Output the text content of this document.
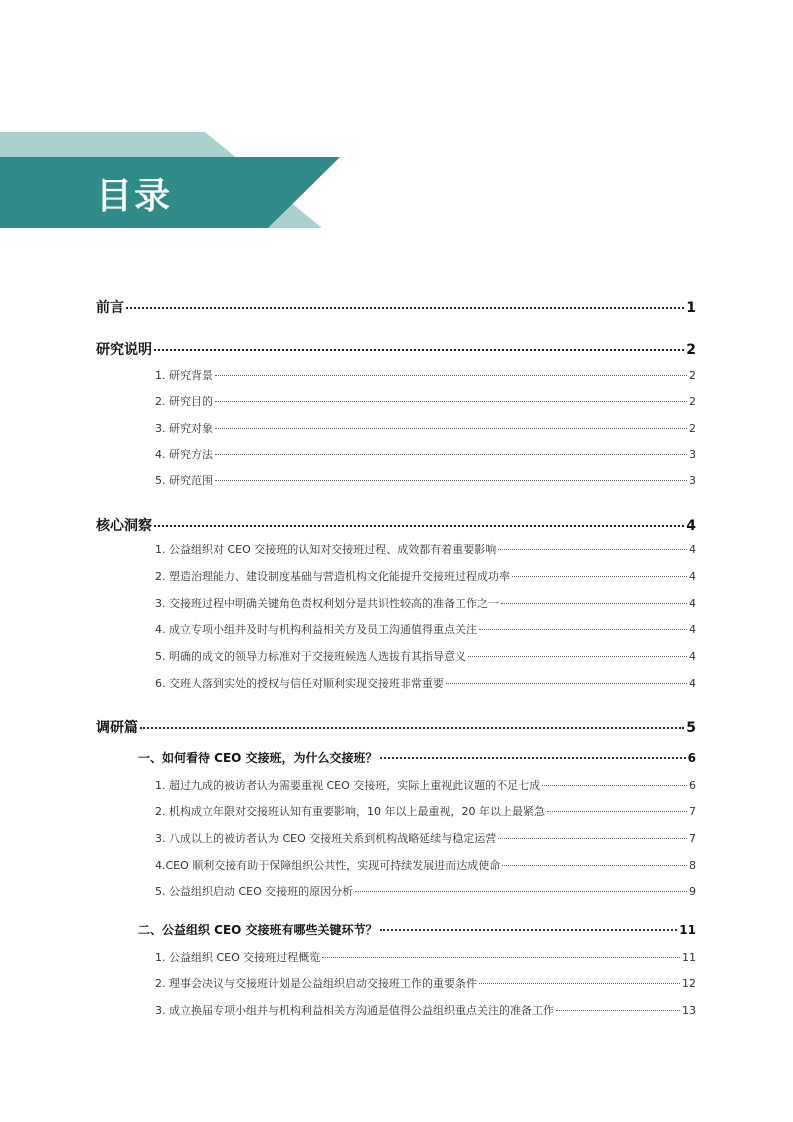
目录
前言	1
研究说明	2
1. 研究背景	2
2. 研究目的	2
3. 研究对象	2
4. 研究方法	3
5. 研究范围	3
核心洞察	4
1. 公益组织对 CEO 交接班的认知对交接班过程、成效都有着重要影响	4
2. 塑造治理能力、建设制度基础与营造机构文化能提升交接班过程成功率	4
3. 交接班过程中明确关键角色责权利划分是共识性较高的准备工作之一	4
4. 成立专项小组并及时与机构利益相关方及员工沟通值得重点关注	4
5. 明确的成文的领导力标准对于交接班候选人选拔有其指导意义	4
6. 交班人落到实处的授权与信任对顺利实现交接班非常重要	4
调研篇	5
一、如何看待 CEO 交接班，为什么交接班？	6
1. 超过九成的被访者认为需要重视 CEO 交接班，实际上重视此议题的不足七成	6
2. 机构成立年限对交接班认知有重要影响，10 年以上最重视，20 年以上最紧急	7
3. 八成以上的被访者认为 CEO 交接班关系到机构战略延续与稳定运营	7
4.CEO 顺利交接有助于保障组织公共性，实现可持续发展进而达成使命	8
5. 公益组织启动 CEO 交接班的原因分析	9
二、公益组织 CEO 交接班有哪些关键环节？	11
1. 公益组织 CEO 交接班过程概览	11
2. 理事会决议与交接班计划是公益组织启动交接班工作的重要条件	12
3. 成立换届专项小组并与机构利益相关方沟通是值得公益组织重点关注的准备工作	13
